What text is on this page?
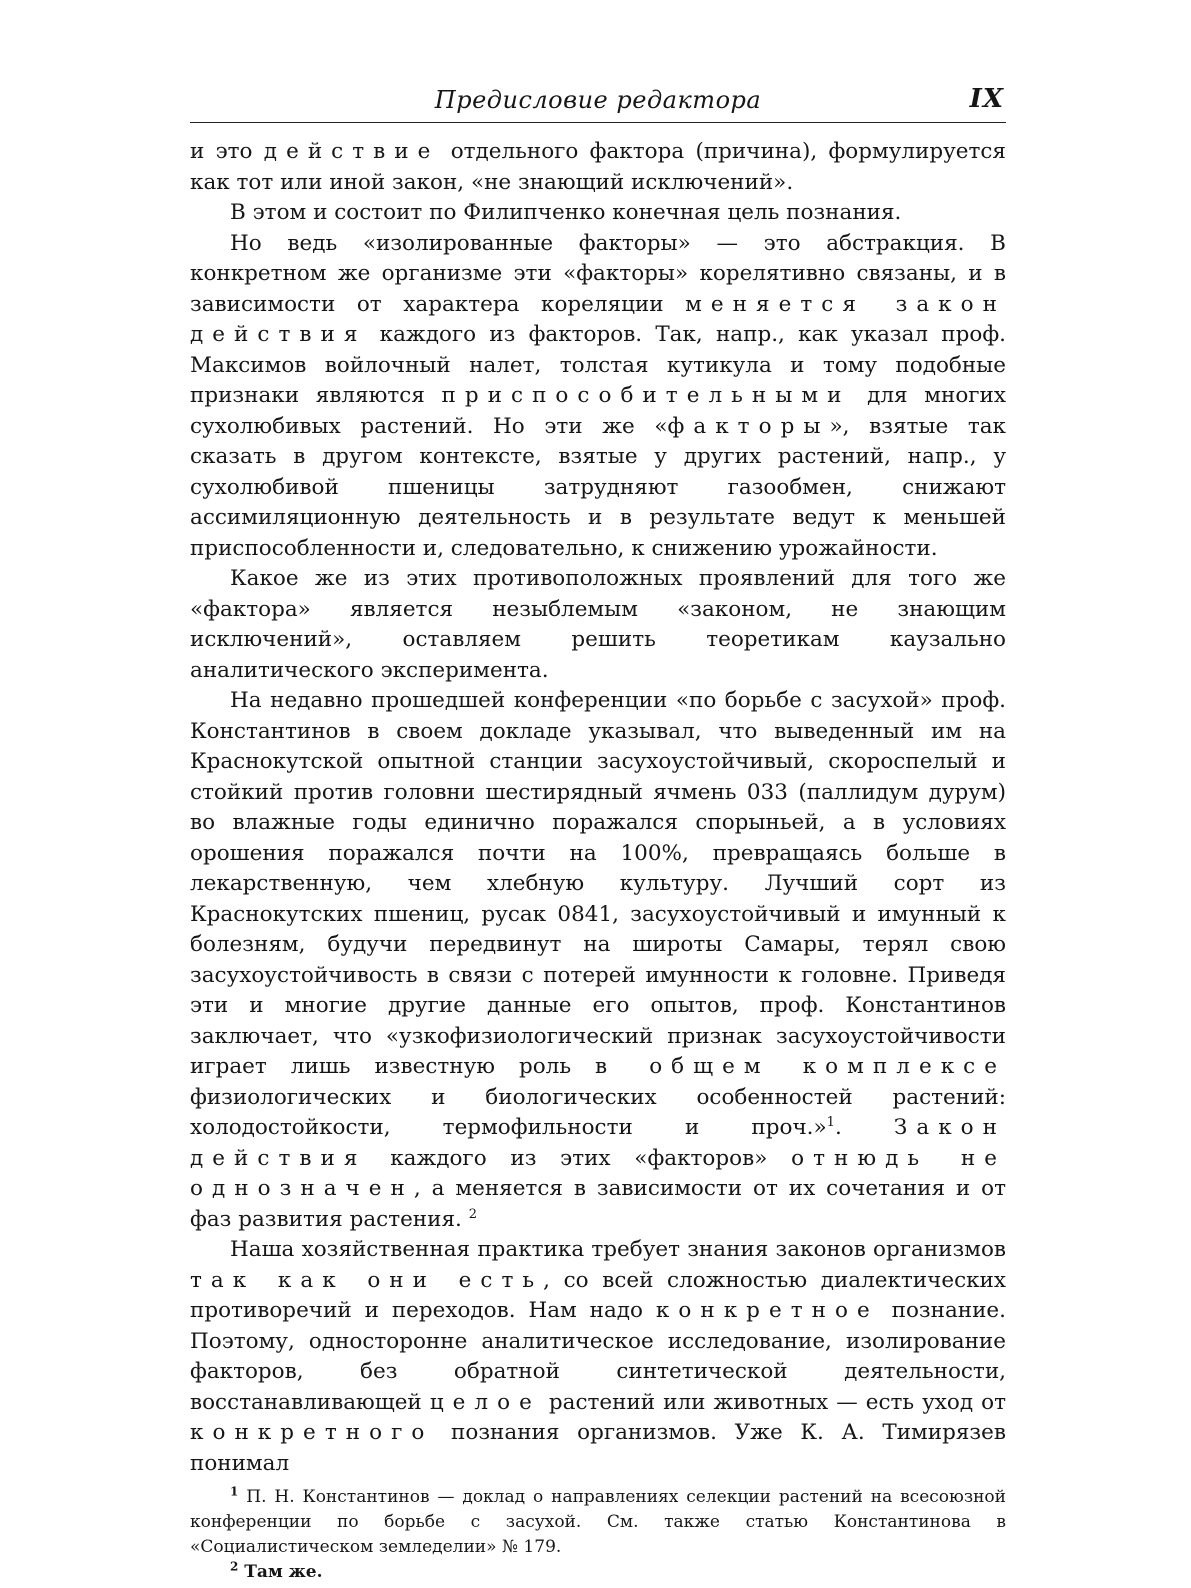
Предисловие редактора	IX

и это действие отдельного фактора (причина), формулируется как тот или иной закон, «не знающий исключений».

В этом и состоит по Филипченко конечная цель познания.

Но ведь «изолированные факторы» — это абстракция. В конкретном же организме эти «факторы» корелятивно связаны, и в зависимости от характера кореляции меняется закон действия каждого из факторов. Так, напр., как указал проф. Максимов войлочный налет, толстая кутикула и тому подобные признаки являются приспособительными для многих сухолюбивых растений. Но эти же «факторы», взятые так сказать в другом контексте, взятые у других растений, напр., у сухолюбивой пшеницы затрудняют газообмен, снижают ассимиляционную деятельность и в результате ведут к меньшей приспособленности и, следовательно, к снижению урожайности.

Какое же из этих противоположных проявлений для того же «фактора» является незыблемым «законом, не знающим исключений», оставляем решить теоретикам каузально аналитического эксперимента.

На недавно прошедшей конференции «по борьбе с засухой» проф. Константинов в своем докладе указывал, что выведенный им на Краснокутской опытной станции засухоустойчивый, скороспелый и стойкий против головни шестирядный ячмень 033 (паллидум дурум) во влажные годы единично поражался спорыньей, а в условиях орошения поражался почти на 100%, превращаясь больше в лекарственную, чем хлебную культуру. Лучший сорт из Краснокутских пшениц, русак 0841, засухоустойчивый и имунный к болезням, будучи передвинут на широты Самары, терял свою засухоустойчивость в связи с потерей имунности к головне. Приведя эти и многие другие данные его опытов, проф. Константинов заключает, что «узкофизиологический признак засухоустойчивости играет лишь известную роль в общем комплексе физиологических и биологических особенностей растений: холодостойкости, термофильности и проч.»$^1$. Закон действия каждого из этих «факторов» отнюдь не однозначен, а меняется в зависимости от их сочетания и от фаз развития растения. $^2$

Наша хозяйственная практика требует знания законов организмов так как они есть, со всей сложностью диалектических противоречий и переходов. Нам надо конкретное познание. Поэтому, односторонне аналитическое исследование, изолирование факторов, без обратной синтетической деятельности, восстанавливающей целое растений или животных — есть уход от конкретного познания организмов. Уже К. А. Тимирязев понимал

$^1$ П. Н. Константинов — доклад о направлениях селекции растений на всесоюзной конференции по борьбе с засухой. См. также статью Константинова в «Социалистическом земледелии» № 179.

$^2$ Там же.
